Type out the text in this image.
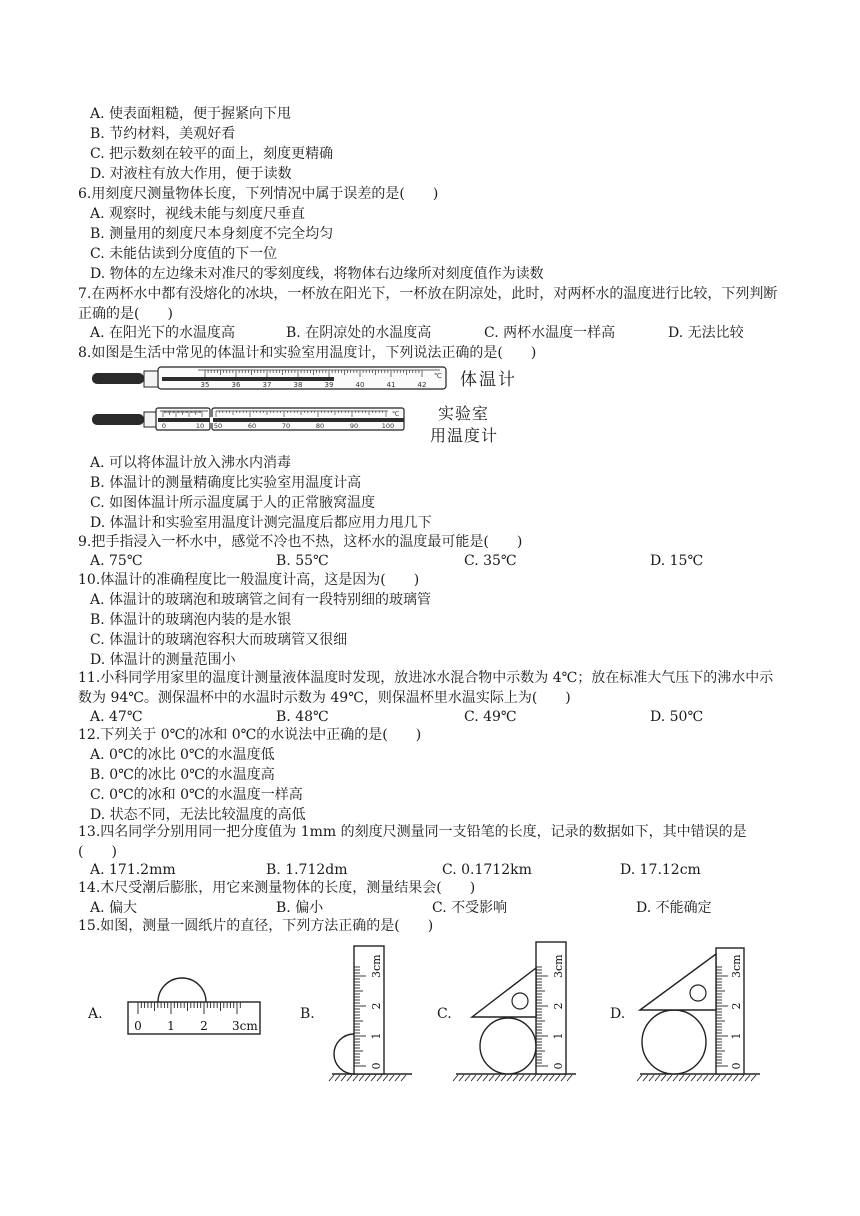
A. 使表面粗糙，便于握紧向下甩
B. 节约材料，美观好看
C. 把示数刻在较平的面上，刻度更精确
D. 对液柱有放大作用，便于读数
6.用刻度尺测量物体长度，下列情况中属于误差的是(　　)
A. 观察时，视线未能与刻度尺垂直
B. 测量用的刻度尺本身刻度不完全均匀
C. 未能估读到分度值的下一位
D. 物体的左边缘未对准尺的零刻度线，将物体右边缘所对刻度值作为读数
7.在两杯水中都有没熔化的冰块，一杯放在阳光下，一杯放在阴凉处，此时，对两杯水的温度进行比较，下列判断正确的是(　　)
A. 在阳光下的水温度高	B. 在阴凉处的水温度高	C. 两杯水温度一样高	D. 无法比较
8.如图是生活中常见的体温计和实验室用温度计，下列说法正确的是(　　)
35	36	37	38	39	40	41	42
℃
0	10 50	60	70	80	90	100
℃
体温计
实验室
用温度计
A. 可以将体温计放入沸水内消毒
B. 体温计的测量精确度比实验室用温度计高
C. 如图体温计所示温度属于人的正常腋窝温度
D. 体温计和实验室用温度计测完温度后都应用力甩几下
9.把手指浸入一杯水中，感觉不冷也不热，这杯水的温度最可能是(　　)
A. 75℃	B. 55℃	C. 35℃	D. 15℃
10.体温计的准确程度比一般温度计高，这是因为(　　)
A. 体温计的玻璃泡和玻璃管之间有一段特别细的玻璃管
B. 体温计的玻璃泡内装的是水银
C. 体温计的玻璃泡容积大而玻璃管又很细
D. 体温计的测量范围小
11.小科同学用家里的温度计测量液体温度时发现，放进冰水混合物中示数为 4℃；放在标准大气压下的沸水中示数为 94℃。测保温杯中的水温时示数为 49℃，则保温杯里水温实际上为(　　)
A. 47℃	B. 48℃	C. 49℃	D. 50℃
12.下列关于 0℃的冰和 0℃的水说法中正确的是(　　)
A. 0℃的冰比 0℃的水温度低
B. 0℃的冰比 0℃的水温度高
C. 0℃的冰和 0℃的水温度一样高
D. 状态不同，无法比较温度的高低
13.四名同学分别用同一把分度值为 1mm 的刻度尺测量同一支铅笔的长度，记录的数据如下，其中错误的是(　　)
A. 171.2mm	B. 1.712dm	C. 0.1712km	D. 17.12cm
14.木尺受潮后膨胀，用它来测量物体的长度，测量结果会(　　)
A. 偏大	B. 偏小	C. 不受影响	D. 不能确定
15.如图，测量一圆纸片的直径，下列方法正确的是(　　)
A.	B.	C.	D.
0 1 2 3cm
0
1
2
3cm
0
1
2
3cm
0
1
2
3cm
